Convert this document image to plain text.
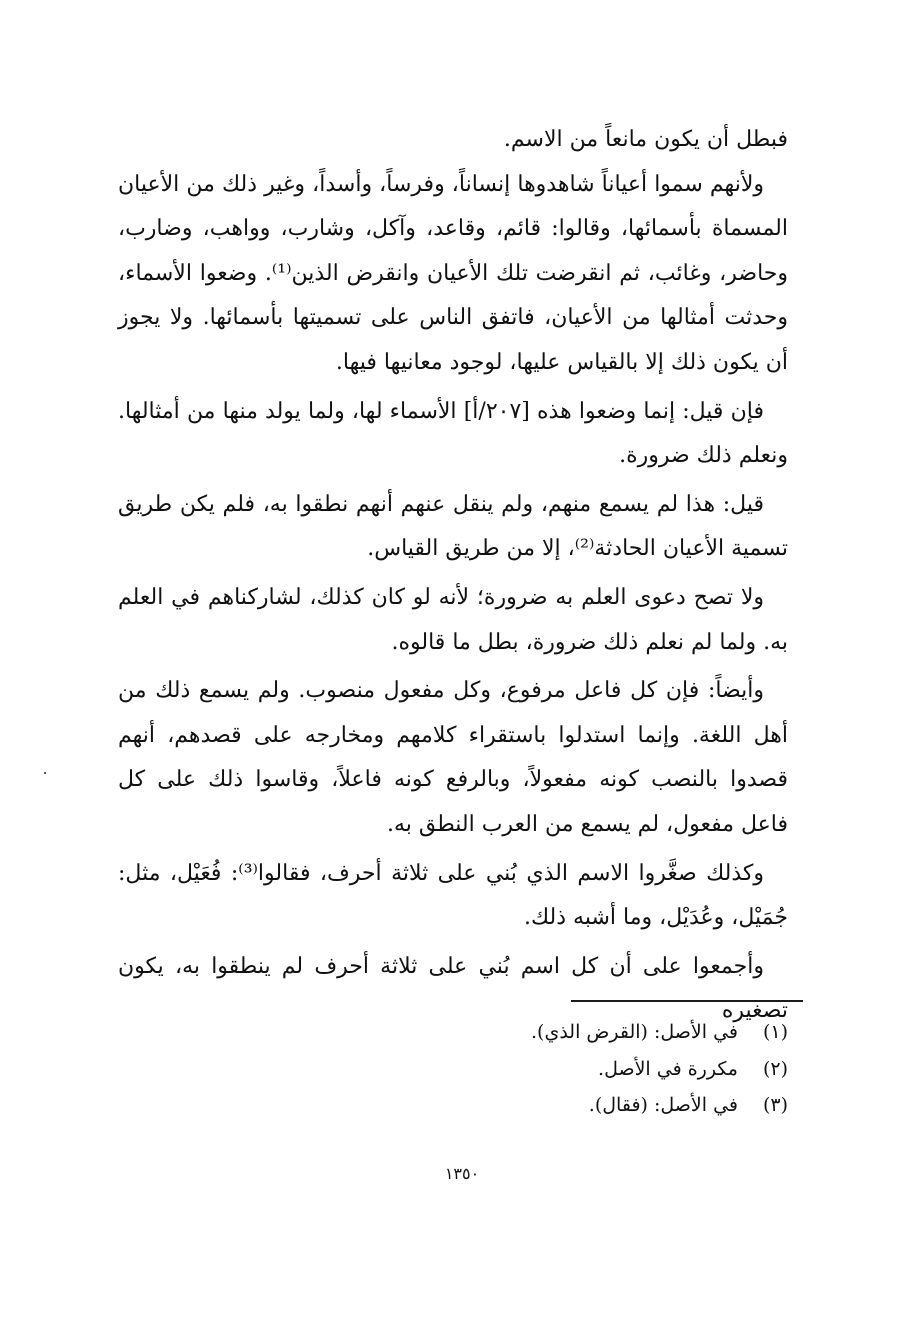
فبطل أن يكون مانعاً من الاسم.

ولأنهم سموا أعياناً شاهدوها إنساناً، وفرساً، وأسداً، وغير ذلك من الأعيان المسماة بأسمائها، وقالوا: قائم، وقاعد، وآكل، وشارب، وواهب، وضارب، وحاضر، وغائب، ثم انقرضت تلك الأعيان وانقرض الذين⁽¹⁾. وضعوا الأسماء، وحدثت أمثالها من الأعيان، فاتفق الناس على تسميتها بأسمائها. ولا يجوز أن يكون ذلك إلا بالقياس عليها، لوجود معانيها فيها.

فإن قيل: إنما وضعوا هذه [٢٠٧/أ] الأسماء لها، ولما يولد منها من أمثالها. ونعلم ذلك ضرورة.

قيل: هذا لم يسمع منهم، ولم ينقل عنهم أنهم نطقوا به، فلم يكن طريق تسمية الأعيان الحادثة⁽²⁾، إلا من طريق القياس.

ولا تصح دعوى العلم به ضرورة؛ لأنه لو كان كذلك، لشاركناهم في العلم به. ولما لم نعلم ذلك ضرورة، بطل ما قالوه.

وأيضاً: فإن كل فاعل مرفوع، وكل مفعول منصوب. ولم يسمع ذلك من أهل اللغة. وإنما استدلوا باستقراء كلامهم ومخارجه على قصدهم، أنهم قصدوا بالنصب كونه مفعولاً، وبالرفع كونه فاعلاً، وقاسوا ذلك على كل فاعل مفعول، لم يسمع من العرب النطق به.

وكذلك صغَّروا الاسم الذي بُني على ثلاثة أحرف، فقالوا⁽³⁾: فُعَيْل، مثل: جُمَيْل، وعُدَيْل، وما أشبه ذلك.

وأجمعوا على أن كل اسم بُني على ثلاثة أحرف لم ينطقوا به، يكون تصغيره

(١)
في الأصل: (القرض الذي).
(٢)
مكررة في الأصل.
(٣)
في الأصل: (فقال).
١٣٥٠
